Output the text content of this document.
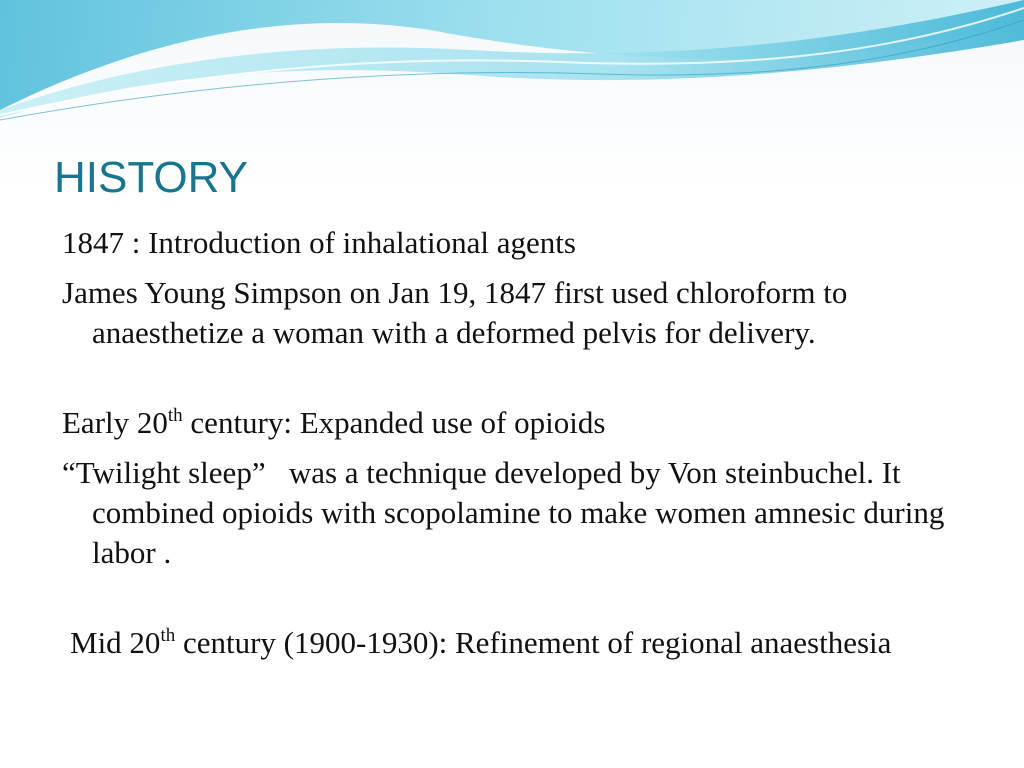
HISTORY

1847 : Introduction of inhalational agents

James Young Simpson on Jan 19, 1847 first used chloroform to anaesthetize a woman with a deformed pelvis for delivery.

Early 20th century: Expanded use of opioids

“Twilight sleep”   was a technique developed by Von steinbuchel. It combined opioids with scopolamine to make women amnesic during labor .

Mid 20th century (1900-1930): Refinement of regional anaesthesia
